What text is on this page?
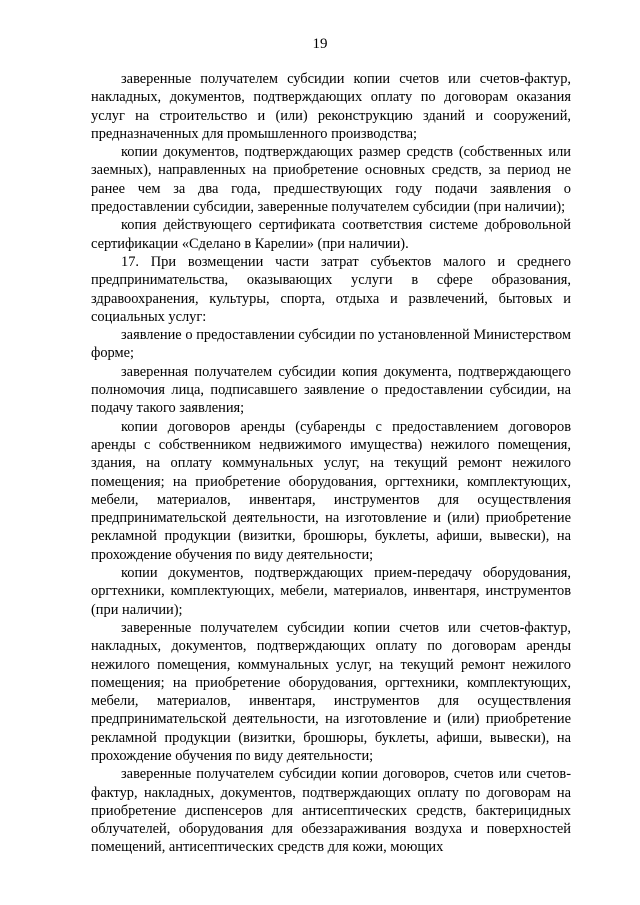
19

заверенные получателем субсидии копии счетов или счетов-фактур, накладных, документов, подтверждающих оплату по договорам оказания услуг на строительство и (или) реконструкцию зданий и сооружений, предназначенных для промышленного производства;

копии документов, подтверждающих размер средств (собственных или заемных), направленных на приобретение основных средств, за период не ранее чем за два года, предшествующих году подачи заявления о предоставлении субсидии, заверенные получателем субсидии (при наличии);

копия действующего сертификата соответствия системе добровольной сертификации «Сделано в Карелии» (при наличии).

17. При возмещении части затрат субъектов малого и среднего предпринимательства, оказывающих услуги в сфере образования, здравоохранения, культуры, спорта, отдыха и развлечений, бытовых и социальных услуг:

заявление о предоставлении субсидии по установленной Министерством форме;

заверенная получателем субсидии копия документа, подтверждающего полномочия лица, подписавшего заявление о предоставлении субсидии, на подачу такого заявления;

копии договоров аренды (субаренды с предоставлением договоров аренды с собственником недвижимого имущества) нежилого помещения, здания, на оплату коммунальных услуг, на текущий ремонт нежилого помещения; на приобретение оборудования, оргтехники, комплектующих, мебели, материалов, инвентаря, инструментов для осуществления предпринимательской деятельности, на изготовление и (или) приобретение рекламной продукции (визитки, брошюры, буклеты, афиши, вывески), на прохождение обучения по виду деятельности;

копии документов, подтверждающих прием-передачу оборудования, оргтехники, комплектующих, мебели, материалов, инвентаря, инструментов (при наличии);

заверенные получателем субсидии копии счетов или счетов-фактур, накладных, документов, подтверждающих оплату по договорам аренды нежилого помещения, коммунальных услуг, на текущий ремонт нежилого помещения; на приобретение оборудования, оргтехники, комплектующих, мебели, материалов, инвентаря, инструментов для осуществления предпринимательской деятельности, на изготовление и (или) приобретение рекламной продукции (визитки, брошюры, буклеты, афиши, вывески), на прохождение обучения по виду деятельности;

заверенные получателем субсидии копии договоров, счетов или счетов-фактур, накладных, документов, подтверждающих оплату по договорам на приобретение диспенсеров для антисептических средств, бактерицидных облучателей, оборудования для обеззараживания воздуха и поверхностей помещений, антисептических средств для кожи, моющих
